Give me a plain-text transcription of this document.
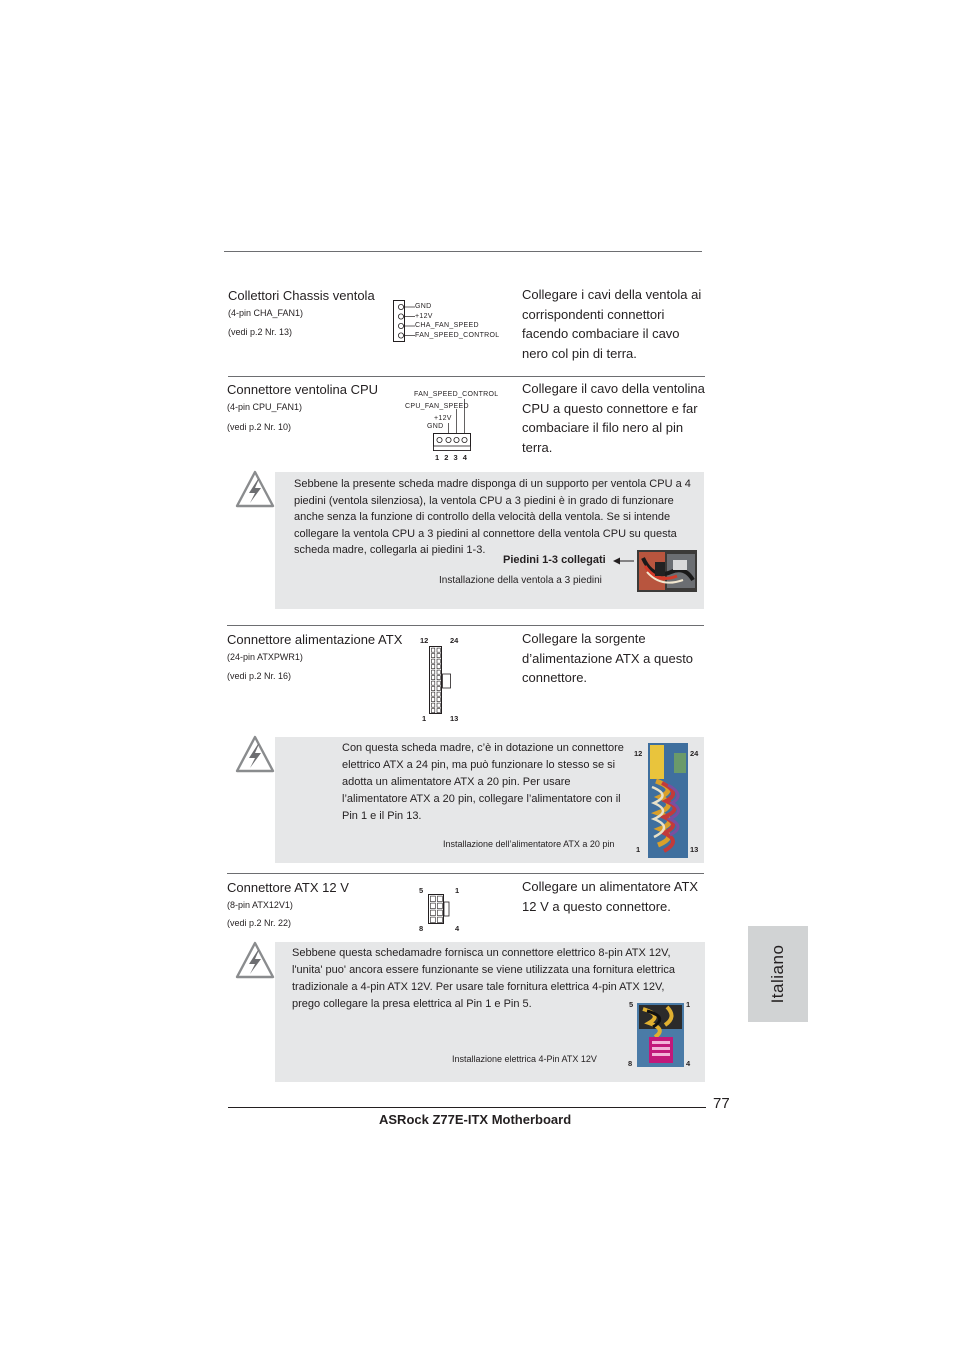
Collettori Chassis ventola
(4-pin CHA_FAN1)
(vedi p.2 Nr. 13)
GND
+12V
CHA_FAN_SPEED
FAN_SPEED_CONTROL
Collegare i cavi della ventola ai corrispondenti connettori facendo combaciare il cavo nero col pin di terra.
Connettore ventolina CPU
(4-pin CPU_FAN1)
(vedi p.2 Nr. 10)
FAN_SPEED_CONTROL
CPU_FAN_SPEED
+12V
GND
1 2 3 4
Collegare il cavo della ventolina CPU a questo connettore e far combaciare il filo nero al pin terra.
Sebbene la presente scheda madre disponga di un supporto per ventola CPU a 4 piedini (ventola silenziosa), la ventola CPU a 3 piedini è in grado di funzionare anche senza la funzione di controllo della velocità della ventola. Se si intende collegare la ventola CPU a 3 piedini al connettore della ventola CPU su questa scheda madre, collegarla ai piedini 1-3.
Piedini 1-3 collegati
Installazione della ventola a 3 piedini
Connettore alimentazione ATX
(24-pin ATXPWR1)
(vedi p.2 Nr. 16)
12	24
1	13
Collegare la sorgente d’alimentazione ATX a questo connettore.
Con questa scheda madre, c’è in dotazione un connettore elettrico ATX a 24 pin, ma può funzionare lo stesso se si adotta un alimentatore ATX a 20 pin. Per usare l’alimentatore ATX a 20 pin, collegare l’alimentatore con il Pin 1 e il Pin 13.
Installazione dell’alimentatore ATX a 20 pin
12	24
1	13
Connettore ATX 12 V
(8-pin ATX12V1)
(vedi p.2 Nr. 22)
5	1
8	4
Collegare un alimentatore ATX 12 V a questo connettore.
Sebbene questa schedamadre fornisca un connettore elettrico 8-pin ATX 12V, l'unita' puo' ancora essere funzionante se viene utilizzata una fornitura elettrica tradizionale a 4-pin ATX 12V. Per usare tale fornitura elettrica 4-pin ATX 12V, prego collegare la presa elettrica al Pin 1 e Pin 5.
Installazione elettrica 4-Pin ATX 12V
5	1
8	4
Italiano
77
ASRock Z77E-ITX Motherboard
